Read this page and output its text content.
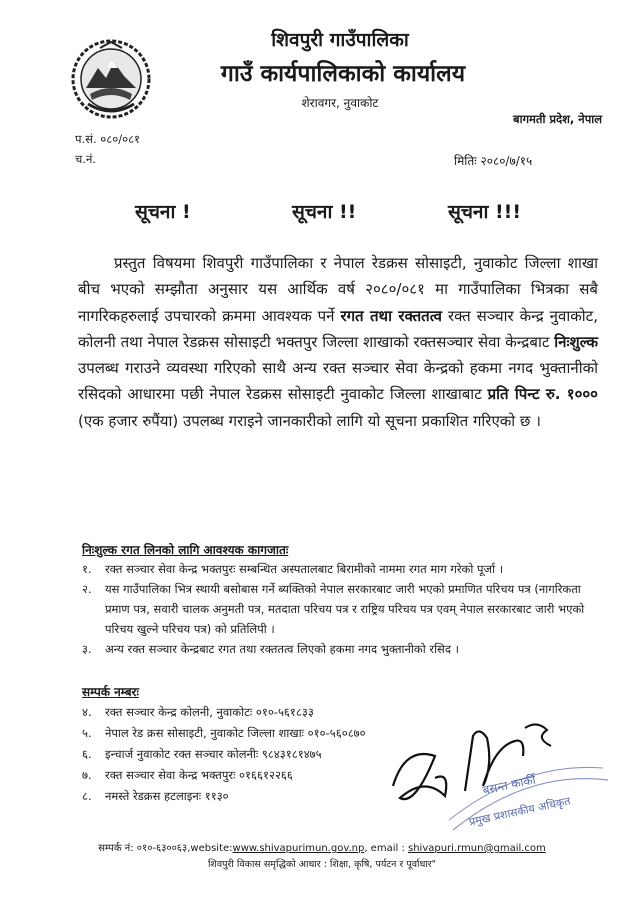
शिवपुरी गाउँपालिका
गाउँ कार्यपालिकाको कार्यालय
शेरावगर, नुवाकोट
बागमती प्रदेश, नेपाल
प.सं. ०८०/०८१
च.नं.	मितिः २०८०/७/१५
सूचना !	सूचना !!	सूचना !!!
प्रस्तुत विषयमा शिवपुरी गाउँपालिका र नेपाल रेडक्रस सोसाइटी, नुवाकोट जिल्ला शाखा बीच भएको सम्झौता अनुसार यस आर्थिक वर्ष २०८०/०८१ मा गाउँपालिका भित्रका सबै नागरिकहरुलाई उपचारको क्रममा आवश्यक पर्ने रगत तथा रक्ततत्व रक्त सञ्चार केन्द्र नुवाकोट, कोलनी तथा नेपाल रेडक्रस सोसाइटी भक्तपुर जिल्ला शाखाको रक्तसञ्चार सेवा केन्द्रबाट निःशुल्क उपलब्ध गराउने व्यवस्था गरिएको साथै अन्य रक्त सञ्चार सेवा केन्द्रको हकमा नगद भुक्तानीको रसिदको आधारमा पछी नेपाल रेडक्रस सोसाइटी नुवाकोट जिल्ला शाखाबाट प्रति पिन्ट रु. १००० (एक हजार रुपैंया) उपलब्ध गराइने जानकारीको लागि यो सूचना प्रकाशित गरिएको छ ।
निःशुल्क रगत लिनको लागि आवश्यक कागजातः
१.	रक्त सञ्चार सेवा केन्द्र भक्तपुरः सम्बन्धित अस्पतालबाट बिरामीको नाममा रगत माग गरेको पूर्जा ।
२.	यस गाउँपालिका भित्र स्थायी बसोबास गर्ने ब्यक्तिको नेपाल सरकारबाट जारी भएको प्रमाणित परिचय पत्र (नागरिकता प्रमाण पत्र, सवारी चालक अनुमती पत्र, मतदाता परिचय पत्र र राष्ट्रिय परिचय पत्र एवम् नेपाल सरकारबाट जारी भएको परिचय खुल्ने परिचय पत्र) को प्रतिलिपी ।
३.	अन्य रक्त सञ्चार केन्द्रबाट रगत तथा रक्ततत्व लिएको हकमा नगद भुक्तानीको रसिद ।
सम्पर्क नम्बरः
४.	रक्त सञ्चार केन्द्र कोलनी, नुवाकोटः ०१०-५६१८३३
५.	नेपाल रेड क्रस सोसाइटी, नुवाकोट जिल्ला शाखाः ०१०-५६०८७०
६.	इन्चार्ज नुवाकोट रक्त सञ्चार कोलनीः ९८४३१८१४७५
७.	रक्त सञ्चार सेवा केन्द्र भक्तपुरः ०१६६१२२६६
८.	नमस्ते रेडक्रस हटलाइनः ११३०	बसन्त कार्की
प्रमुख प्रशासकीय अधिकृत
सम्पर्क नं: ०१०-६३००६३,website:www.shivapurimun.gov.np, email : shivapuri.rmun@gmail.com
शिवपुरी विकास समृद्धिको आधार : शिक्षा, कृषि, पर्यटन र पूर्वाधार"
